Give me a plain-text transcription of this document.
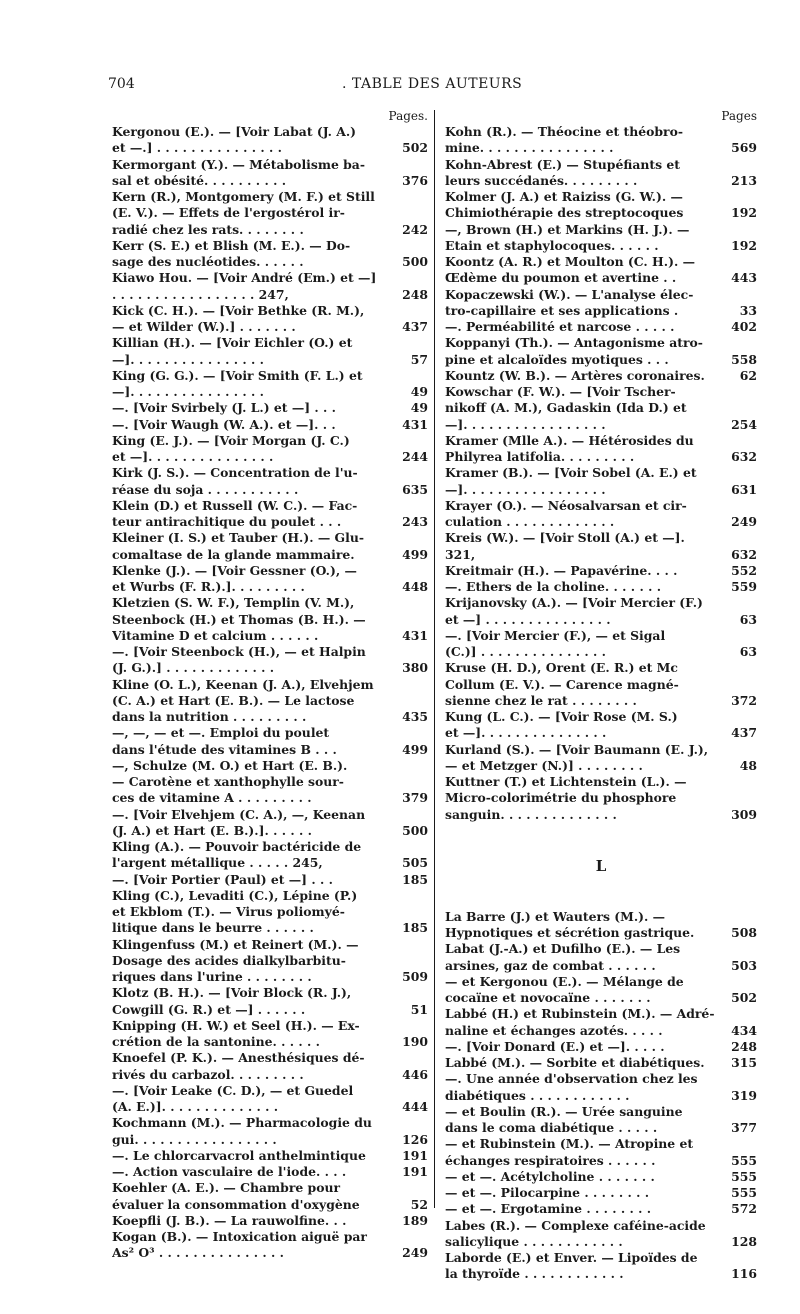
704	. TABLE DES AUTEURS
Pages.
Kergonou (E.). — [Voir Labat (J. A.)
et —.] . . . . . . . . . . . . . . .	502
Kermorgant (Y.). — Métabolisme ba-
sal et obésité. . . . . . . . . .	376
Kern (R.), Montgomery (M. F.) et Still
(E. V.). — Effets de l'ergostérol ir-
radié chez les rats. . . . . . . .	242
Kerr (S. E.) et Blish (M. E.). — Do-
sage des nucléotides. . . . . .	500
Kiawo Hou. — [Voir André (Em.) et —]
. . . . . . . . . . . . . . . . . 247,	248
Kick (C. H.). — [Voir Bethke (R. M.),
— et Wilder (W.).] . . . . . . .	437
Killian (H.). — [Voir Eichler (O.) et
—]. . . . . . . . . . . . . . . .	57
King (G. G.). — [Voir Smith (F. L.) et
—]. . . . . . . . . . . . . . . .	49
—. [Voir Svirbely (J. L.) et —] . . .	49
—. [Voir Waugh (W. A.). et —]. . .	431
King (E. J.). — [Voir Morgan (J. C.)
et —]. . . . . . . . . . . . . . .	244
Kirk (J. S.). — Concentration de l'u-
réase du soja . . . . . . . . . . .	635
Klein (D.) et Russell (W. C.). — Fac-
teur antirachitique du poulet . . .	243
Kleiner (I. S.) et Tauber (H.). — Glu-
comaltase de la glande mammaire.	499
Klenke (J.). — [Voir Gessner (O.), —
et Wurbs (F. R.).]. . . . . . . . .	448
Kletzien (S. W. F.), Templin (V. M.),
Steenbock (H.) et Thomas (B. H.). —
Vitamine D et calcium . . . . . .	431
—. [Voir Steenbock (H.), — et Halpin
(J. G.).] . . . . . . . . . . . . .	380
Kline (O. L.), Keenan (J. A.), Elvehjem
(C. A.) et Hart (E. B.). — Le lactose
dans la nutrition . . . . . . . . .	435
—, —, — et —. Emploi du poulet
dans l'étude des vitamines B . . .	499
—, Schulze (M. O.) et Hart (E. B.).
— Carotène et xanthophylle sour-
ces de vitamine A . . . . . . . . .	379
—. [Voir Elvehjem (C. A.), —, Keenan
(J. A.) et Hart (E. B.).]. . . . . .	500
Kling (A.). — Pouvoir bactéricide de
l'argent métallique . . . . . 245,	505
—. [Voir Portier (Paul) et —] . . .	185
Kling (C.), Levaditi (C.), Lépine (P.)
et Ekblom (T.). — Virus poliomyé-
litique dans le beurre . . . . . .	185
Klingenfuss (M.) et Reinert (M.). —
Dosage des acides dialkylbarbitu-
riques dans l'urine . . . . . . . .	509
Klotz (B. H.). — [Voir Block (R. J.),
Cowgill (G. R.) et —] . . . . . .	51
Knipping (H. W.) et Seel (H.). — Ex-
crétion de la santonine. . . . . .	190
Knoefel (P. K.). — Anesthésiques dé-
rivés du carbazol. . . . . . . . .	446
—. [Voir Leake (C. D.), — et Guedel
(A. E.)]. . . . . . . . . . . . . .	444
Kochmann (M.). — Pharmacologie du
gui. . . . . . . . . . . . . . . . .	126
—. Le chlorcarvacrol anthelmintique	191
—. Action vasculaire de l'iode. . . .	191
Koehler (A. E.). — Chambre pour
évaluer la consommation d'oxygène	52
Koepfli (J. B.). — La rauwolfine. . .	189
Kogan (B.). — Intoxication aiguë par
As² O³ . . . . . . . . . . . . . . .	249
Pages
Kohn (R.). — Théocine et théobro-
mine. . . . . . . . . . . . . . . .	569
Kohn-Abrest (E.) — Stupéfiants et
leurs succédanés. . . . . . . . .	213
Kolmer (J. A.) et Raiziss (G. W.). —
Chimiothérapie des streptocoques	192
—, Brown (H.) et Markins (H. J.). —
Etain et staphylocoques. . . . . .	192
Koontz (A. R.) et Moulton (C. H.). —
Œdème du poumon et avertine . .	443
Kopaczewski (W.). — L'analyse élec-
tro-capillaire et ses applications .	33
—. Perméabilité et narcose . . . . .	402
Koppanyi (Th.). — Antagonisme atro-
pine et alcaloïdes myotiques . . .	558
Kountz (W. B.). — Artères coronaires.	62
Kowschar (F. W.). — [Voir Tscher-
nikoff (A. M.), Gadaskin (Ida D.) et
—]. . . . . . . . . . . . . . . . .	254
Kramer (Mlle A.). — Hétérosides du
Philyrea latifolia. . . . . . . . .	632
Kramer (B.). — [Voir Sobel (A. E.) et
—]. . . . . . . . . . . . . . . . .	631
Krayer (O.). — Néosalvarsan et cir-
culation . . . . . . . . . . . . .	249
Kreis (W.). — [Voir Stoll (A.) et —].
321,	632
Kreitmair (H.). — Papavérine. . . .	552
—. Ethers de la choline. . . . . . .	559
Krijanovsky (A.). — [Voir Mercier (F.)
et —] . . . . . . . . . . . . . . .	63
—. [Voir Mercier (F.), — et Sigal
(C.)] . . . . . . . . . . . . . . .	63
Kruse (H. D.), Orent (E. R.) et Mc
Collum (E. V.). — Carence magné-
sienne chez le rat . . . . . . . .	372
Kung (L. C.). — [Voir Rose (M. S.)
et —]. . . . . . . . . . . . . . .	437
Kurland (S.). — [Voir Baumann (E. J.),
— et Metzger (N.)] . . . . . . . .	48
Kuttner (T.) et Lichtenstein (L.). —
Micro-colorimétrie du phosphore
sanguin. . . . . . . . . . . . . .	309
L
La Barre (J.) et Wauters (M.). —
Hypnotiques et sécrétion gastrique.	508
Labat (J.-A.) et Dufilho (E.). — Les
arsines, gaz de combat . . . . . .	503
— et Kergonou (E.). — Mélange de
cocaïne et novocaïne . . . . . . .	502
Labbé (H.) et Rubinstein (M.). — Adré-
naline et échanges azotés. . . . .	434
—. [Voir Donard (E.) et —]. . . . .	248
Labbé (M.). — Sorbite et diabétiques.	315
—. Une année d'observation chez les
diabétiques . . . . . . . . . . . .	319
— et Boulin (R.). — Urée sanguine
dans le coma diabétique . . . . .	377
— et Rubinstein (M.). — Atropine et
échanges respiratoires . . . . . .	555
— et —. Acétylcholine . . . . . . .	555
— et —. Pilocarpine . . . . . . . .	555
— et —. Ergotamine . . . . . . . .	572
Labes (R.). — Complexe caféine-acide
salicylique . . . . . . . . . . . .	128
Laborde (E.) et Enver. — Lipoïdes de
la thyroïde . . . . . . . . . . . .	116
